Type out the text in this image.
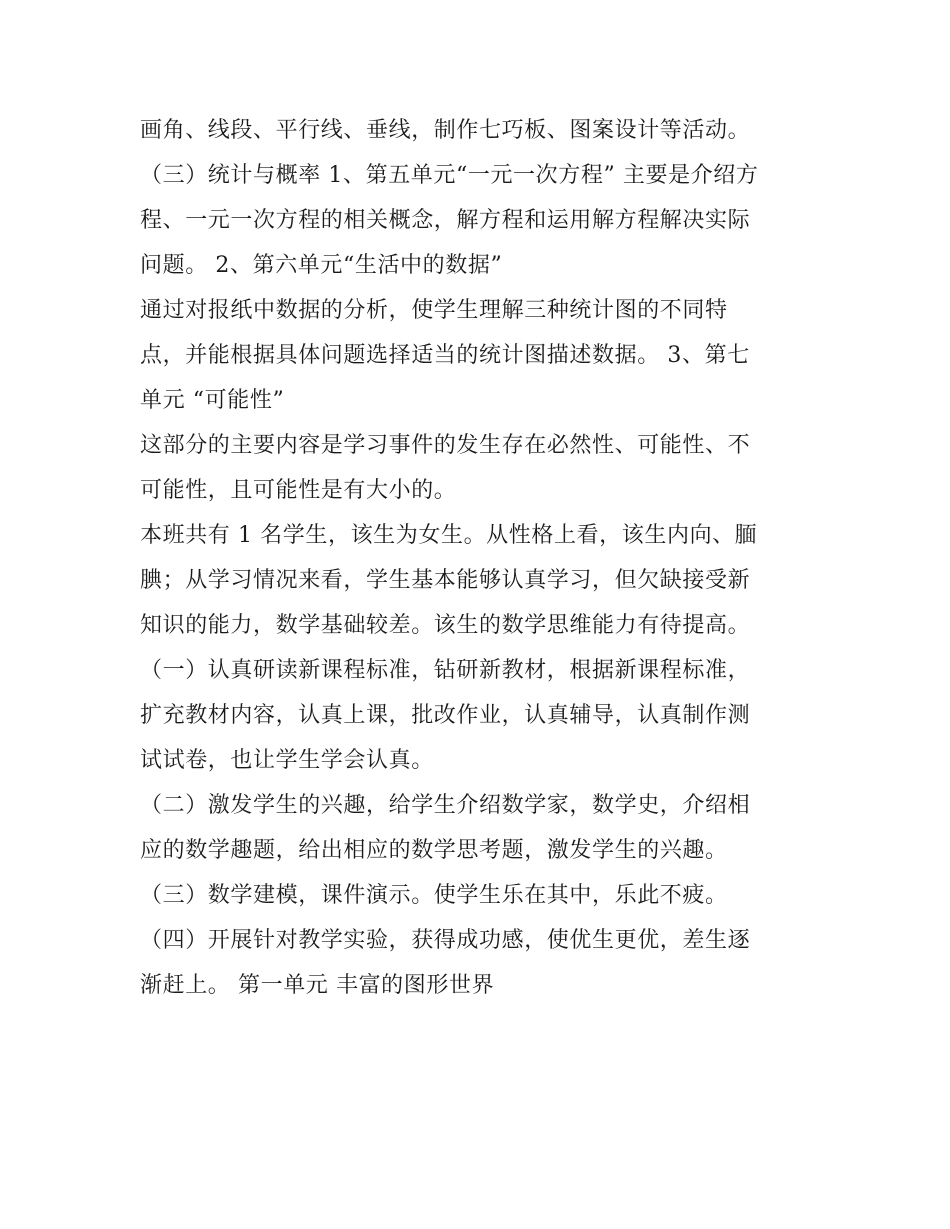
画角、线段、平行线、垂线，制作七巧板、图案设计等活动。
（三）统计与概率 1、第五单元“一元一次方程” 主要是介绍方
程、一元一次方程的相关概念，解方程和运用解方程解决实际
问题。 2、第六单元“生活中的数据”
通过对报纸中数据的分析，使学生理解三种统计图的不同特
点，并能根据具体问题选择适当的统计图描述数据。 3、第七
单元 “可能性”
这部分的主要内容是学习事件的发生存在必然性、可能性、不
可能性，且可能性是有大小的。
本班共有 1 名学生，该生为女生。从性格上看，该生内向、腼
腆；从学习情况来看，学生基本能够认真学习，但欠缺接受新
知识的能力，数学基础较差。该生的数学思维能力有待提高。
（一）认真研读新课程标准，钻研新教材，根据新课程标准，
扩充教材内容，认真上课，批改作业，认真辅导，认真制作测
试试卷，也让学生学会认真。
（二）激发学生的兴趣，给学生介绍数学家，数学史，介绍相
应的数学趣题，给出相应的数学思考题，激发学生的兴趣。
（三）数学建模，课件演示。使学生乐在其中，乐此不疲。
（四）开展针对教学实验，获得成功感，使优生更优，差生逐
渐赶上。 第一单元 丰富的图形世界
